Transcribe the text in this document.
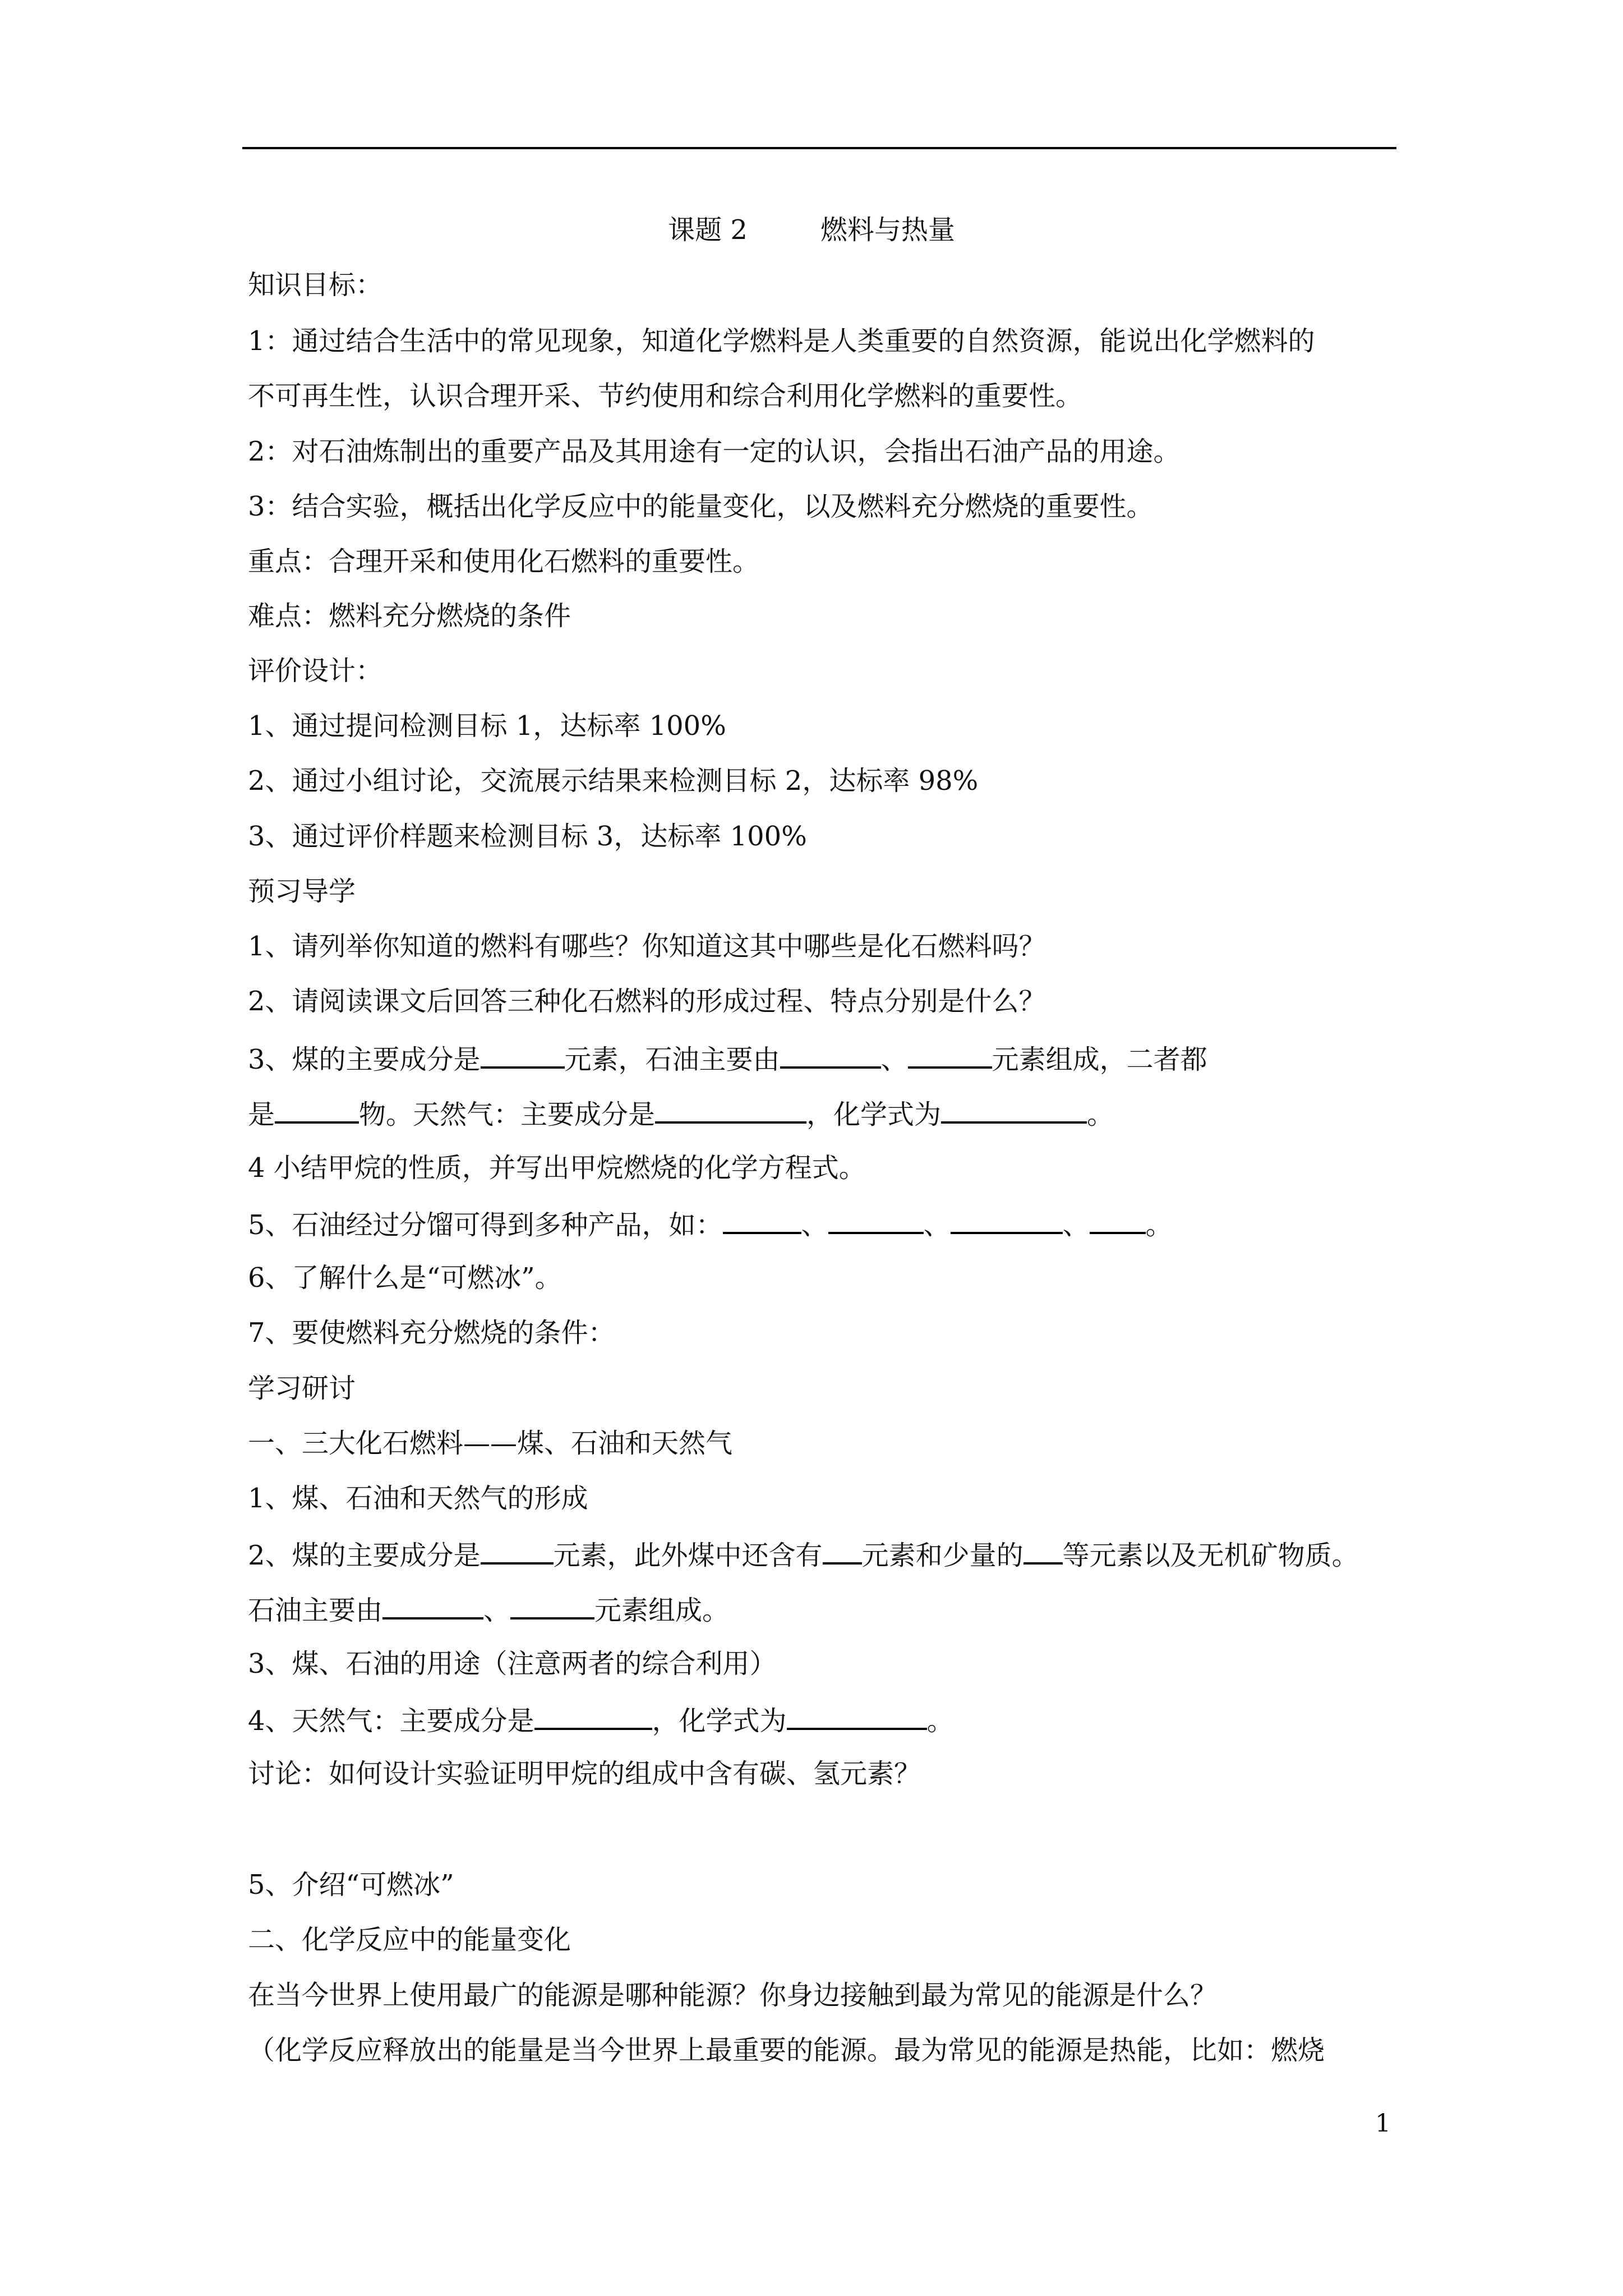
课题 2	燃料与热量
知识目标：
1：通过结合生活中的常见现象，知道化学燃料是人类重要的自然资源，能说出化学燃料的
不可再生性，认识合理开采、节约使用和综合利用化学燃料的重要性。
2：对石油炼制出的重要产品及其用途有一定的认识，会指出石油产品的用途。
3：结合实验，概括出化学反应中的能量变化，以及燃料充分燃烧的重要性。
重点：合理开采和使用化石燃料的重要性。
难点：燃料充分燃烧的条件
评价设计：
1、通过提问检测目标 1，达标率 100%
2、通过小组讨论，交流展示结果来检测目标 2，达标率 98%
3、通过评价样题来检测目标 3，达标率 100%
预习导学
1、请列举你知道的燃料有哪些？你知道这其中哪些是化石燃料吗？
2、请阅读课文后回答三种化石燃料的形成过程、特点分别是什么？
3、煤的主要成分是	元素，石油主要由	、	元素组成，二者都
是	物。天然气：主要成分是	，化学式为	。
4 小结甲烷的性质，并写出甲烷燃烧的化学方程式。
5、石油经过分馏可得到多种产品，如：	、	、	、 。
6、了解什么是“可燃冰”。
7、要使燃料充分燃烧的条件：
学习研讨
一、三大化石燃料——煤、石油和天然气
1、煤、石油和天然气的形成
2、煤的主要成分是	元素，此外煤中还含有 元素和少量的 等元素以及无机矿物质。
石油主要由	、	元素组成。
3、煤、石油的用途（注意两者的综合利用）
4、天然气：主要成分是	，化学式为	。
讨论：如何设计实验证明甲烷的组成中含有碳、氢元素？
5、介绍“可燃冰”
二、化学反应中的能量变化
在当今世界上使用最广的能源是哪种能源？你身边接触到最为常见的能源是什么？
（化学反应释放出的能量是当今世界上最重要的能源。最为常见的能源是热能，比如：燃烧
1
